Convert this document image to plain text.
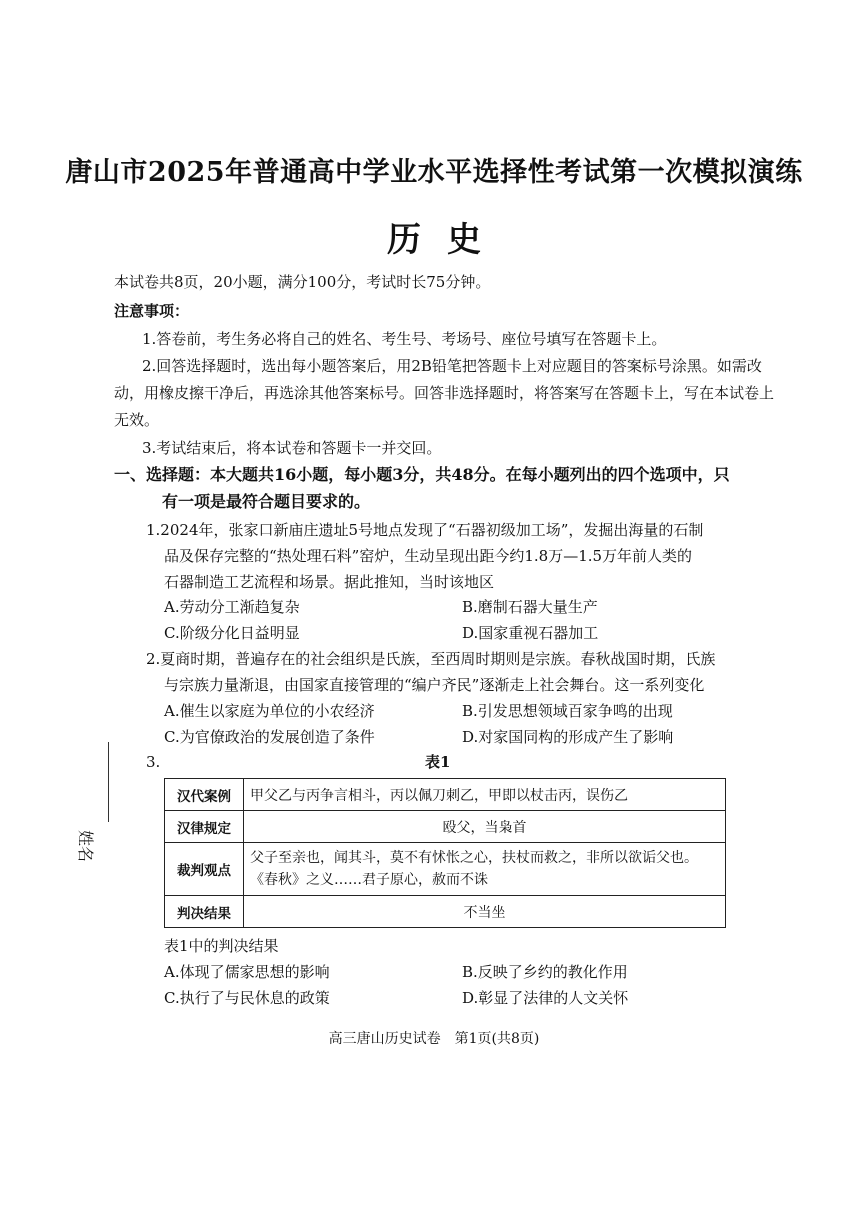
唐山市2025年普通高中学业水平选择性考试第一次模拟演练
历史

本试卷共8页，20小题，满分100分，考试时长75分钟。

注意事项：

1.答卷前，考生务必将自己的姓名、考生号、考场号、座位号填写在答题卡上。

2.回答选择题时，选出每小题答案后，用2B铅笔把答题卡上对应题目的答案标号涂黑。如需改

动，用橡皮擦干净后，再选涂其他答案标号。回答非选择题时，将答案写在答题卡上，写在本试卷上

无效。

3.考试结束后，将本试卷和答题卡一并交回。

一、选择题：本大题共16小题，每小题3分，共48分。在每小题列出的四个选项中，只

有一项是最符合题目要求的。

1.2024年，张家口新庙庄遗址5号地点发现了“石器初级加工场”，发掘出海量的石制

品及保存完整的“热处理石料”窑炉，生动呈现出距今约1.8万—1.5万年前人类的

石器制造工艺流程和场景。据此推知，当时该地区

A.劳动分工渐趋复杂	B.磨制石器大量生产

C.阶级分化日益明显	D.国家重视石器加工

2.夏商时期，普遍存在的社会组织是氏族，至西周时期则是宗族。春秋战国时期，氏族

与宗族力量渐退，由国家直接管理的“编户齐民”逐渐走上社会舞台。这一系列变化

A.催生以家庭为单位的小农经济	B.引发思想领域百家争鸣的出现

C.为官僚政治的发展创造了条件	D.对家国同构的形成产生了影响

3.	表1

汉代案例	甲父乙与丙争言相斗，丙以佩刀刺乙，甲即以杖击丙，误伤乙
汉律规定	殴父，当枭首
裁判观点	父子至亲也，闻其斗，莫不有怵怅之心，扶杖而救之，非所以欲诟父也。
《春秋》之义……君子原心，赦而不诛

判决结果	不当坐

表1中的判决结果

A.体现了儒家思想的影响	B.反映了乡约的教化作用

C.执行了与民休息的政策	D.彰显了法律的人文关怀

姓名

高三唐山历史试卷　第1页(共8页)
